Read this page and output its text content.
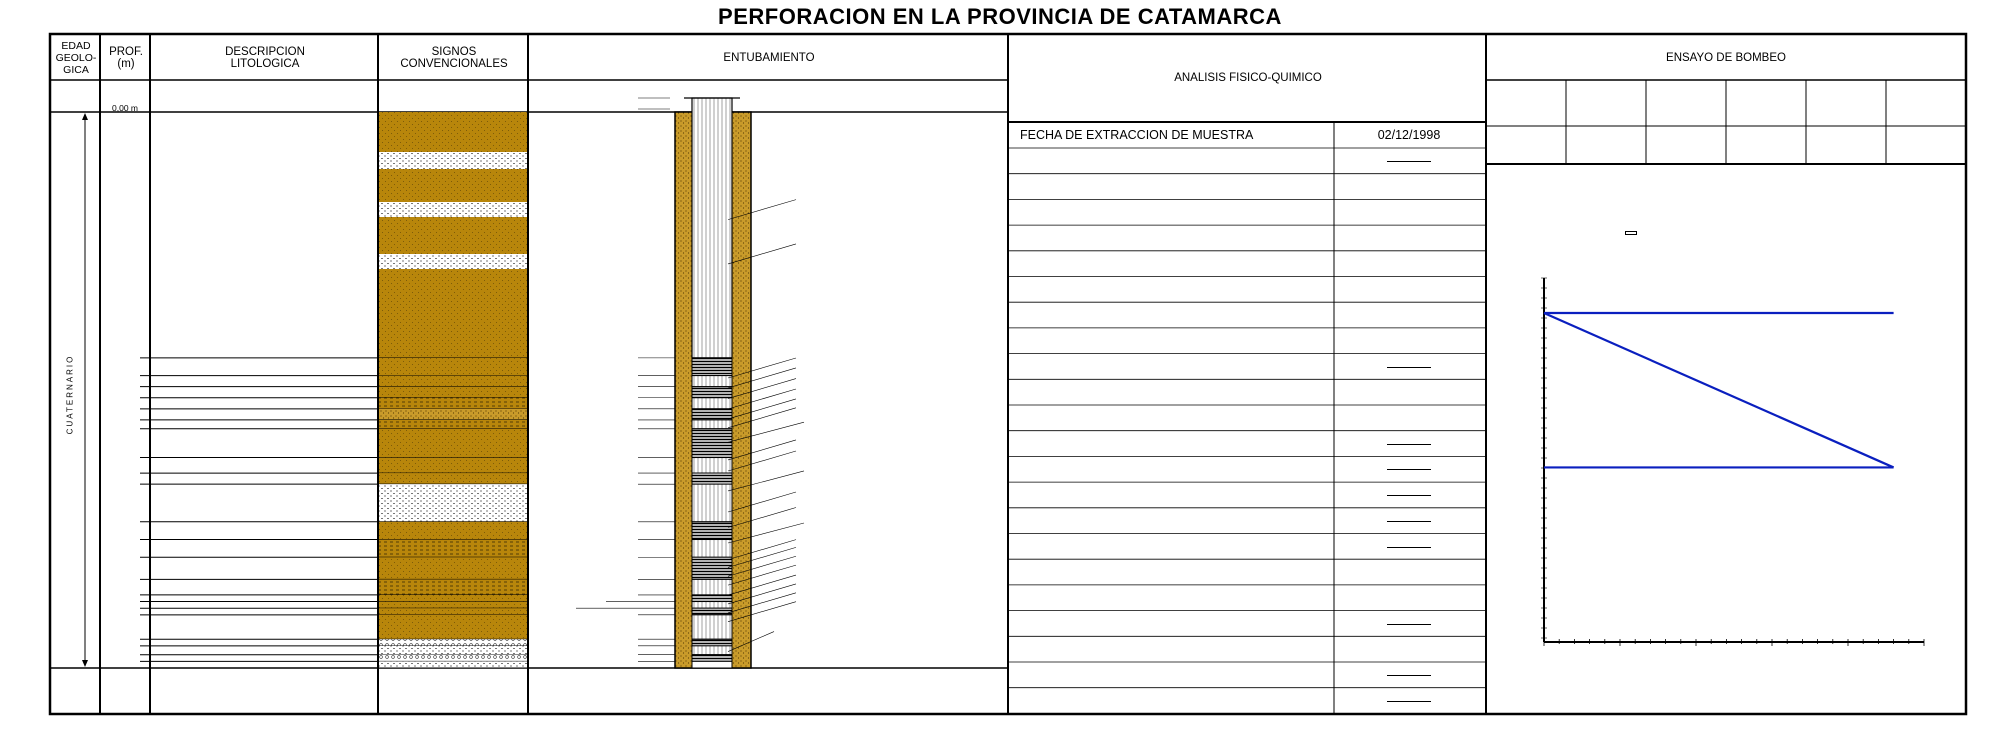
PERFORACION EN LA PROVINCIA DE CATAMARCA
EDAD GEOLO- GICA
PROF. (m)
DESCRIPCION LITOLOGICA
SIGNOS CONVENCIONALES	ENTUBAMIENTO
ANALISIS FISICO-QUIMICO
ENSAYO DE BOMBEO
CUATERNARIO
0,00 m
FECHA DE EXTRACCION DE MUESTRA	02/12/1998
